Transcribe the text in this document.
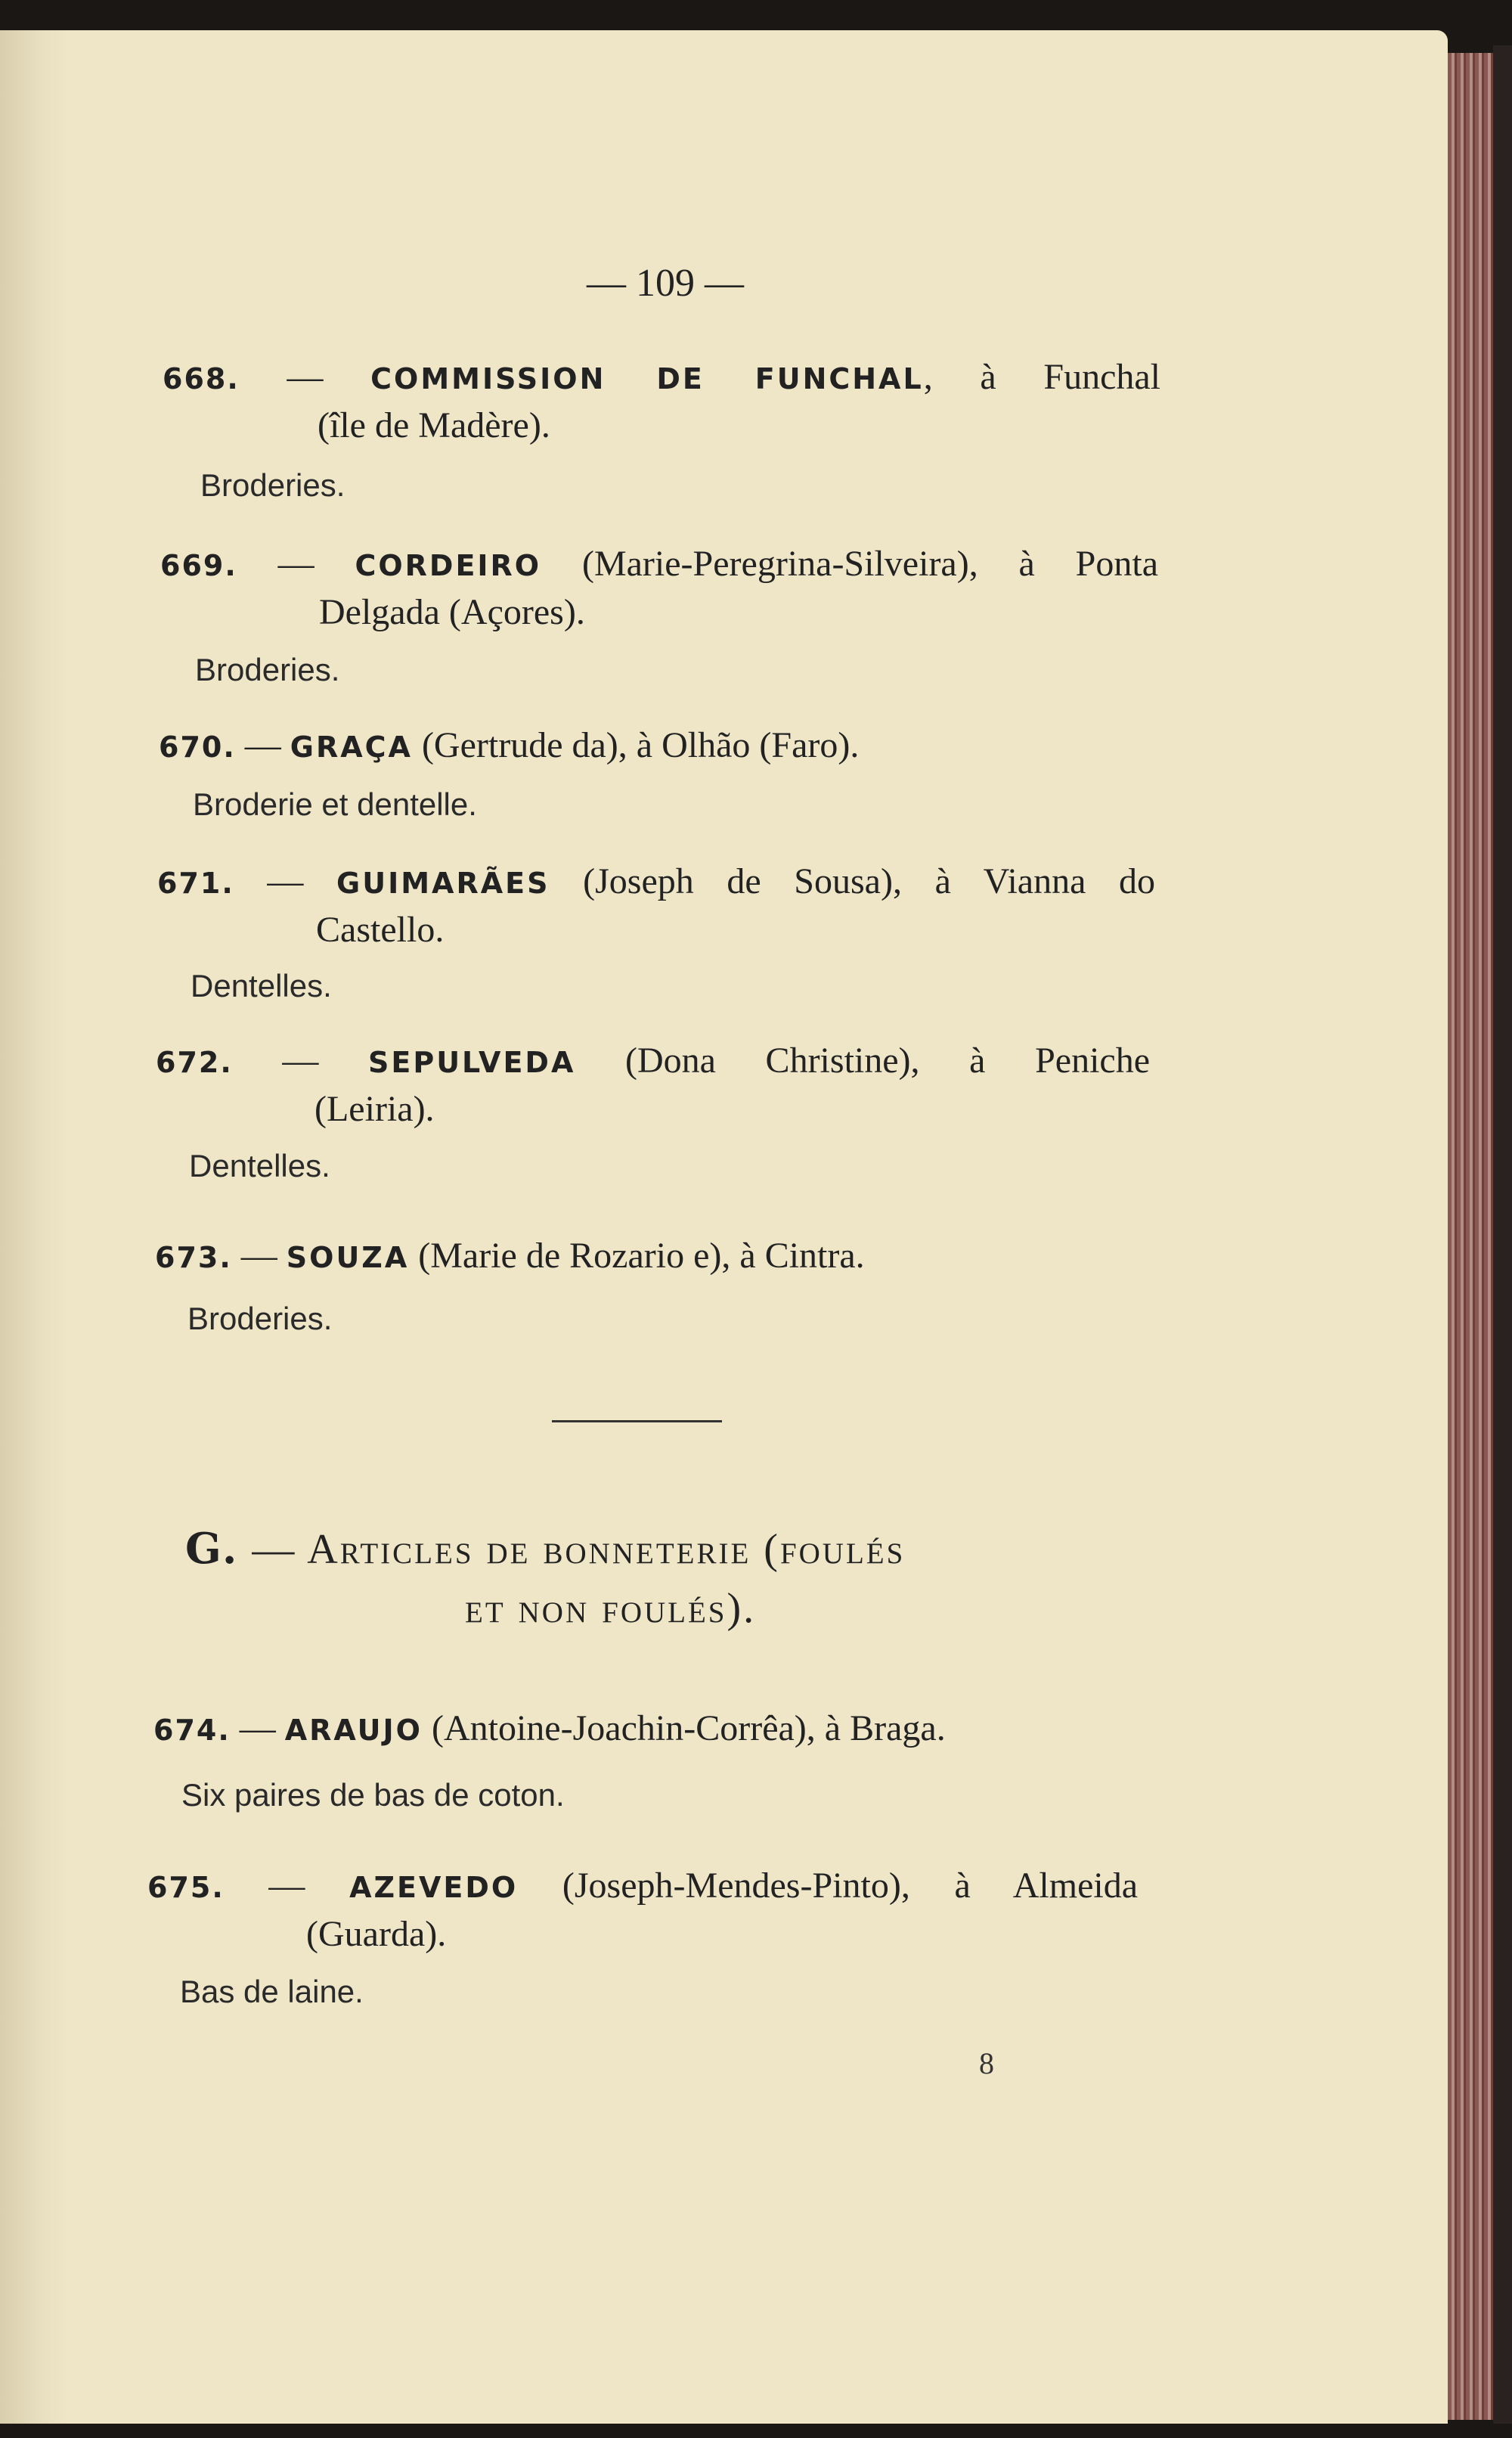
— 109 —
668. — COMMISSION DE FUNCHAL, à Funchal
(île de Madère).
Broderies.
669. — CORDEIRO (Marie-Peregrina-Silveira), à Ponta
Delgada (Açores).
Broderies.
670. — GRAÇA (Gertrude da), à Olhão (Faro).
Broderie et dentelle.
671. — GUIMARÃES (Joseph de Sousa), à Vianna do
Castello.
Dentelles.
672. — SEPULVEDA (Dona Christine), à Peniche
(Leiria).
Dentelles.
673. — SOUZA (Marie de Rozario e), à Cintra.
Broderies.
G. — Articles de bonneterie (foulés
et non foulés).
674. — ARAUJO (Antoine-Joachin-Corrêa), à Braga.
Six paires de bas de coton.
675. — AZEVEDO (Joseph-Mendes-Pinto), à Almeida
(Guarda).
Bas de laine.
8
